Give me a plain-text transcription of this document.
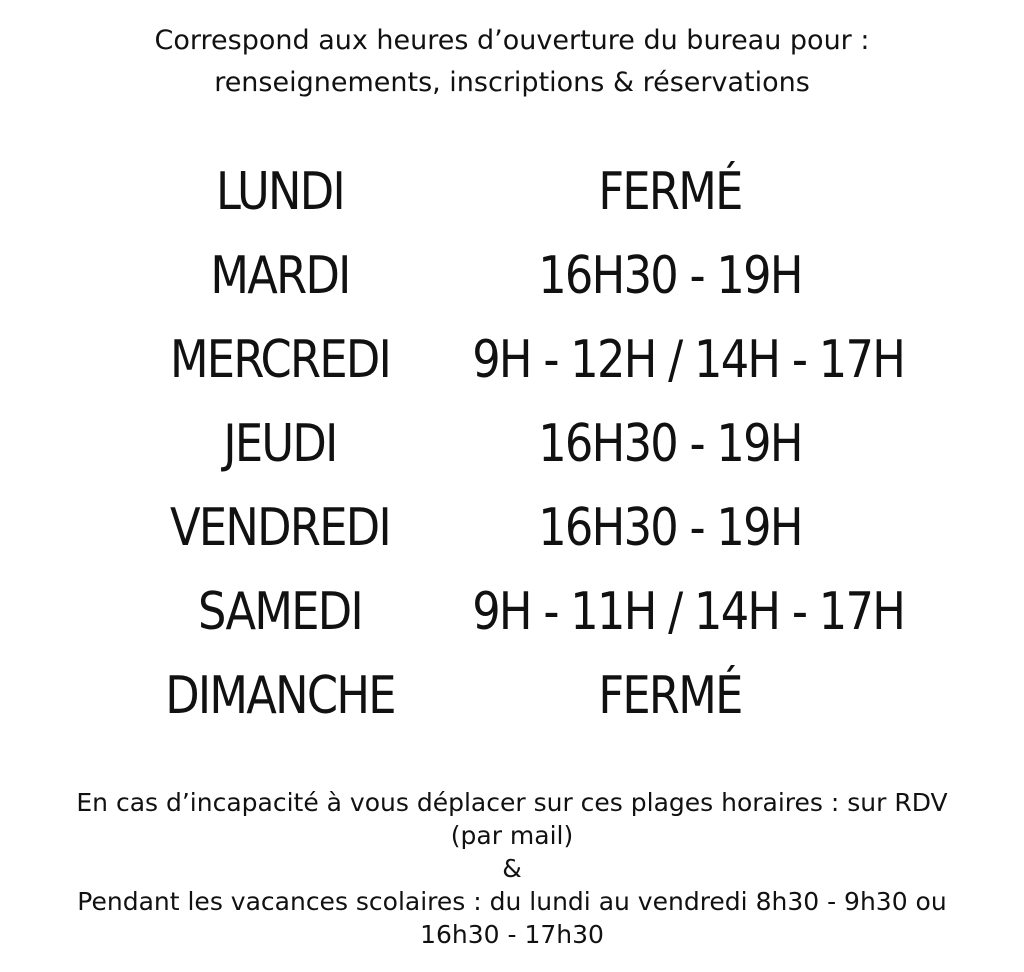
Correspond aux heures d’ouverture du bureau pour :
renseignements, inscriptions & réservations
LUNDI	FERMÉ
MARDI	16H30 - 19H
MERCREDI	9H - 12H / 14H - 17H
JEUDI	16H30 - 19H
VENDREDI	16H30 - 19H
SAMEDI	9H - 11H / 14H - 17H
DIMANCHE	FERMÉ
En cas d’incapacité à vous déplacer sur ces plages horaires : sur RDV
(par mail)
&
Pendant les vacances scolaires : du lundi au vendredi 8h30 - 9h30 ou
16h30 - 17h30
